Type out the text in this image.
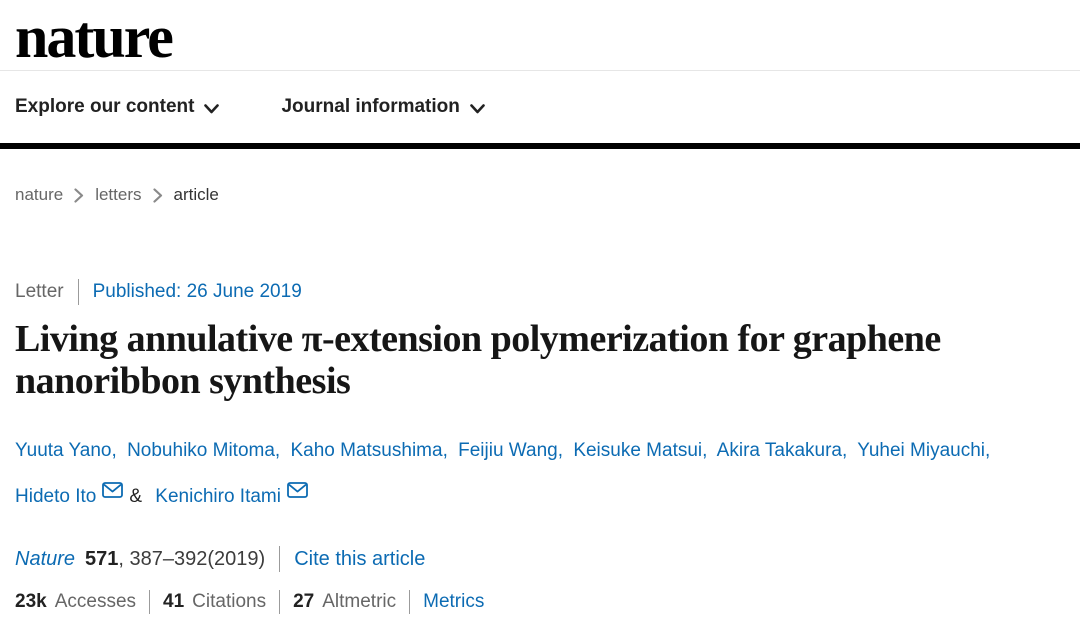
nature
Explore our content	Journal information
nature letters article
Letter Published: 26 June 2019
Living annulative π-extension polymerization for graphene nanoribbon synthesis

Yuuta Yano, Nobuhiko Mitoma, Kaho Matsushima, Feijiu Wang, Keisuke Matsui, Akira Takakura, Yuhei Miyauchi, Hideto Ito & Kenichiro Itami

Nature 571 , 387–392(2019) Cite this article
23k Accesses 41 Citations 27 Altmetric Metrics
